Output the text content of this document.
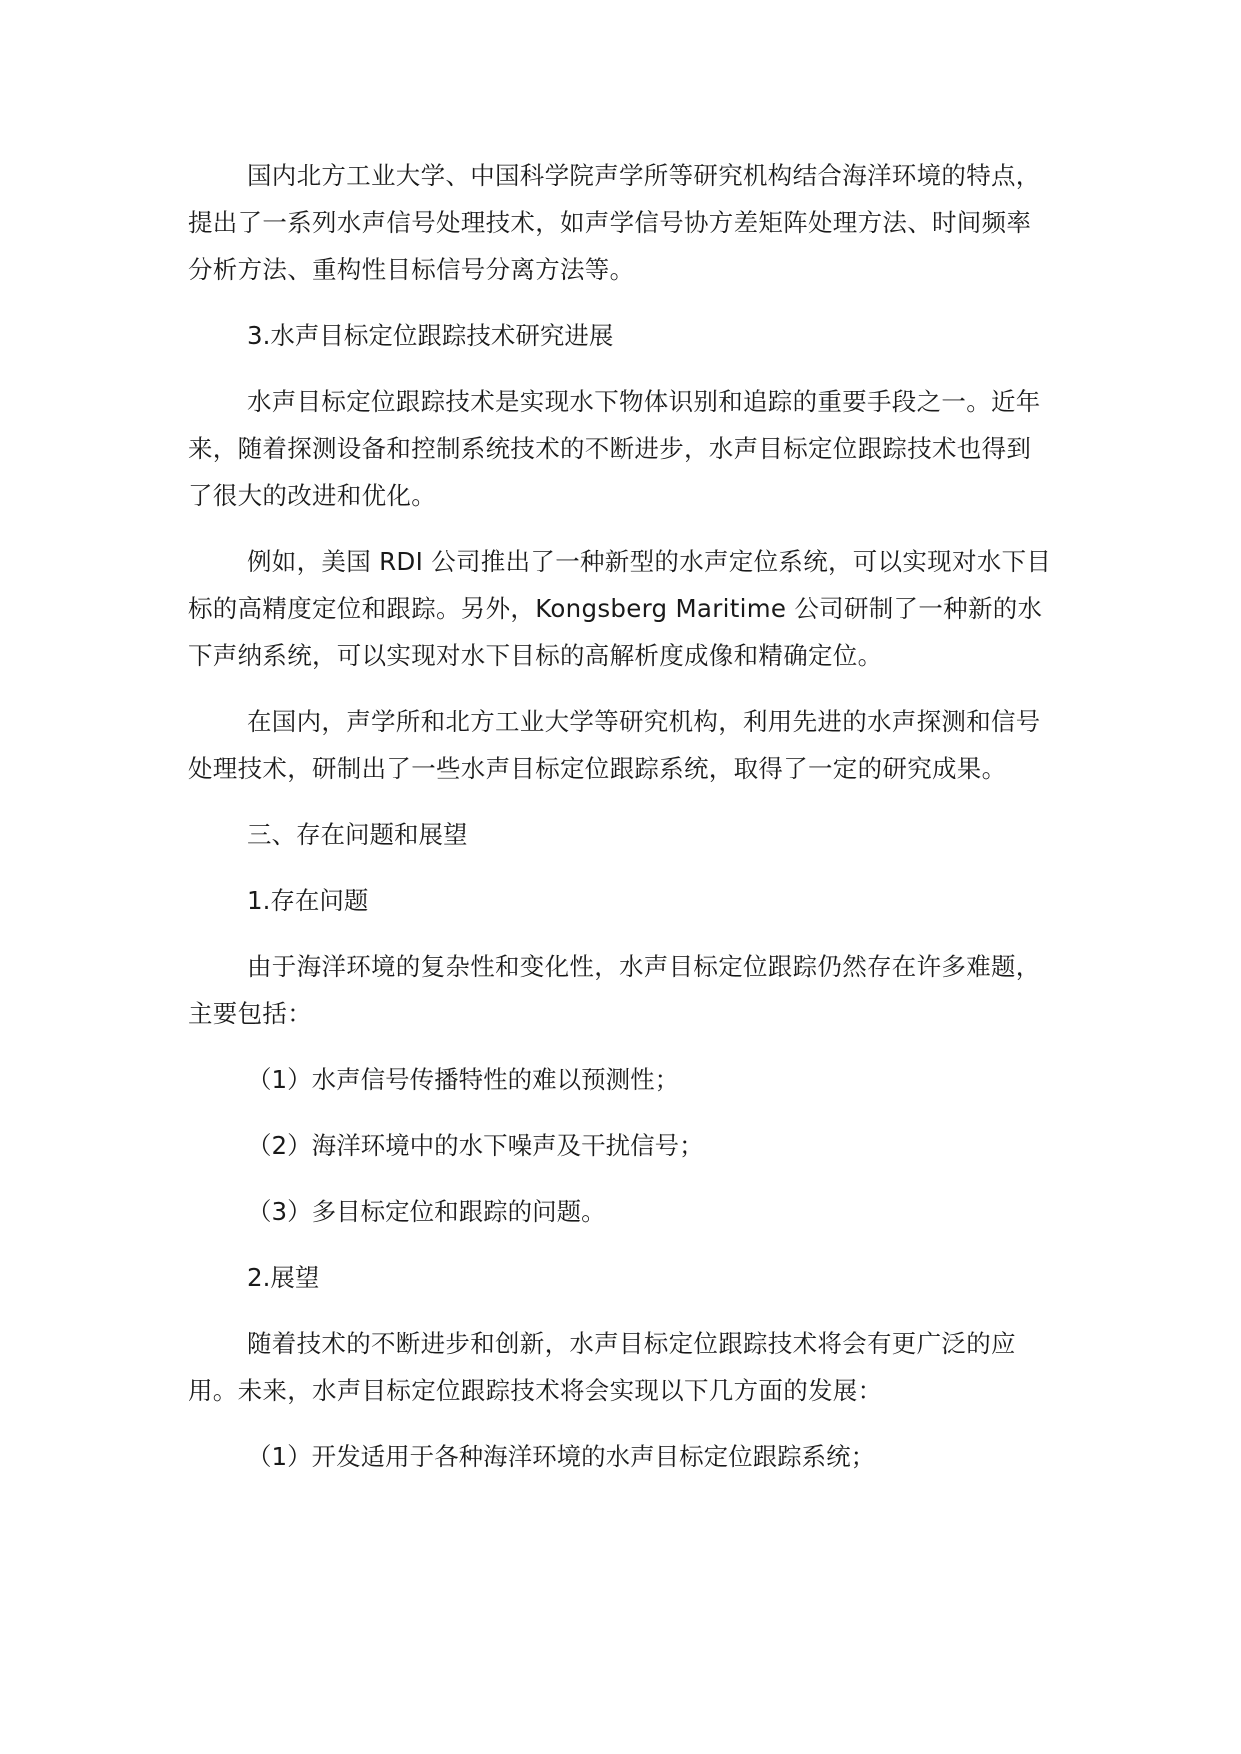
国内北方工业大学、中国科学院声学所等研究机构结合海洋环境的特点，提出了一系列水声信号处理技术，如声学信号协方差矩阵处理方法、时间频率分析方法、重构性目标信号分离方法等。

3.水声目标定位跟踪技术研究进展

水声目标定位跟踪技术是实现水下物体识别和追踪的重要手段之一。近年来，随着探测设备和控制系统技术的不断进步，水声目标定位跟踪技术也得到了很大的改进和优化。

例如，美国 RDI 公司推出了一种新型的水声定位系统，可以实现对水下目标的高精度定位和跟踪。另外，Kongsberg Maritime 公司研制了一种新的水下声纳系统，可以实现对水下目标的高解析度成像和精确定位。

在国内，声学所和北方工业大学等研究机构，利用先进的水声探测和信号处理技术，研制出了一些水声目标定位跟踪系统，取得了一定的研究成果。

三、存在问题和展望

1.存在问题

由于海洋环境的复杂性和变化性，水声目标定位跟踪仍然存在许多难题，主要包括：

（1）水声信号传播特性的难以预测性；

（2）海洋环境中的水下噪声及干扰信号；

（3）多目标定位和跟踪的问题。

2.展望

随着技术的不断进步和创新，水声目标定位跟踪技术将会有更广泛的应用。未来，水声目标定位跟踪技术将会实现以下几方面的发展：

（1）开发适用于各种海洋环境的水声目标定位跟踪系统；
